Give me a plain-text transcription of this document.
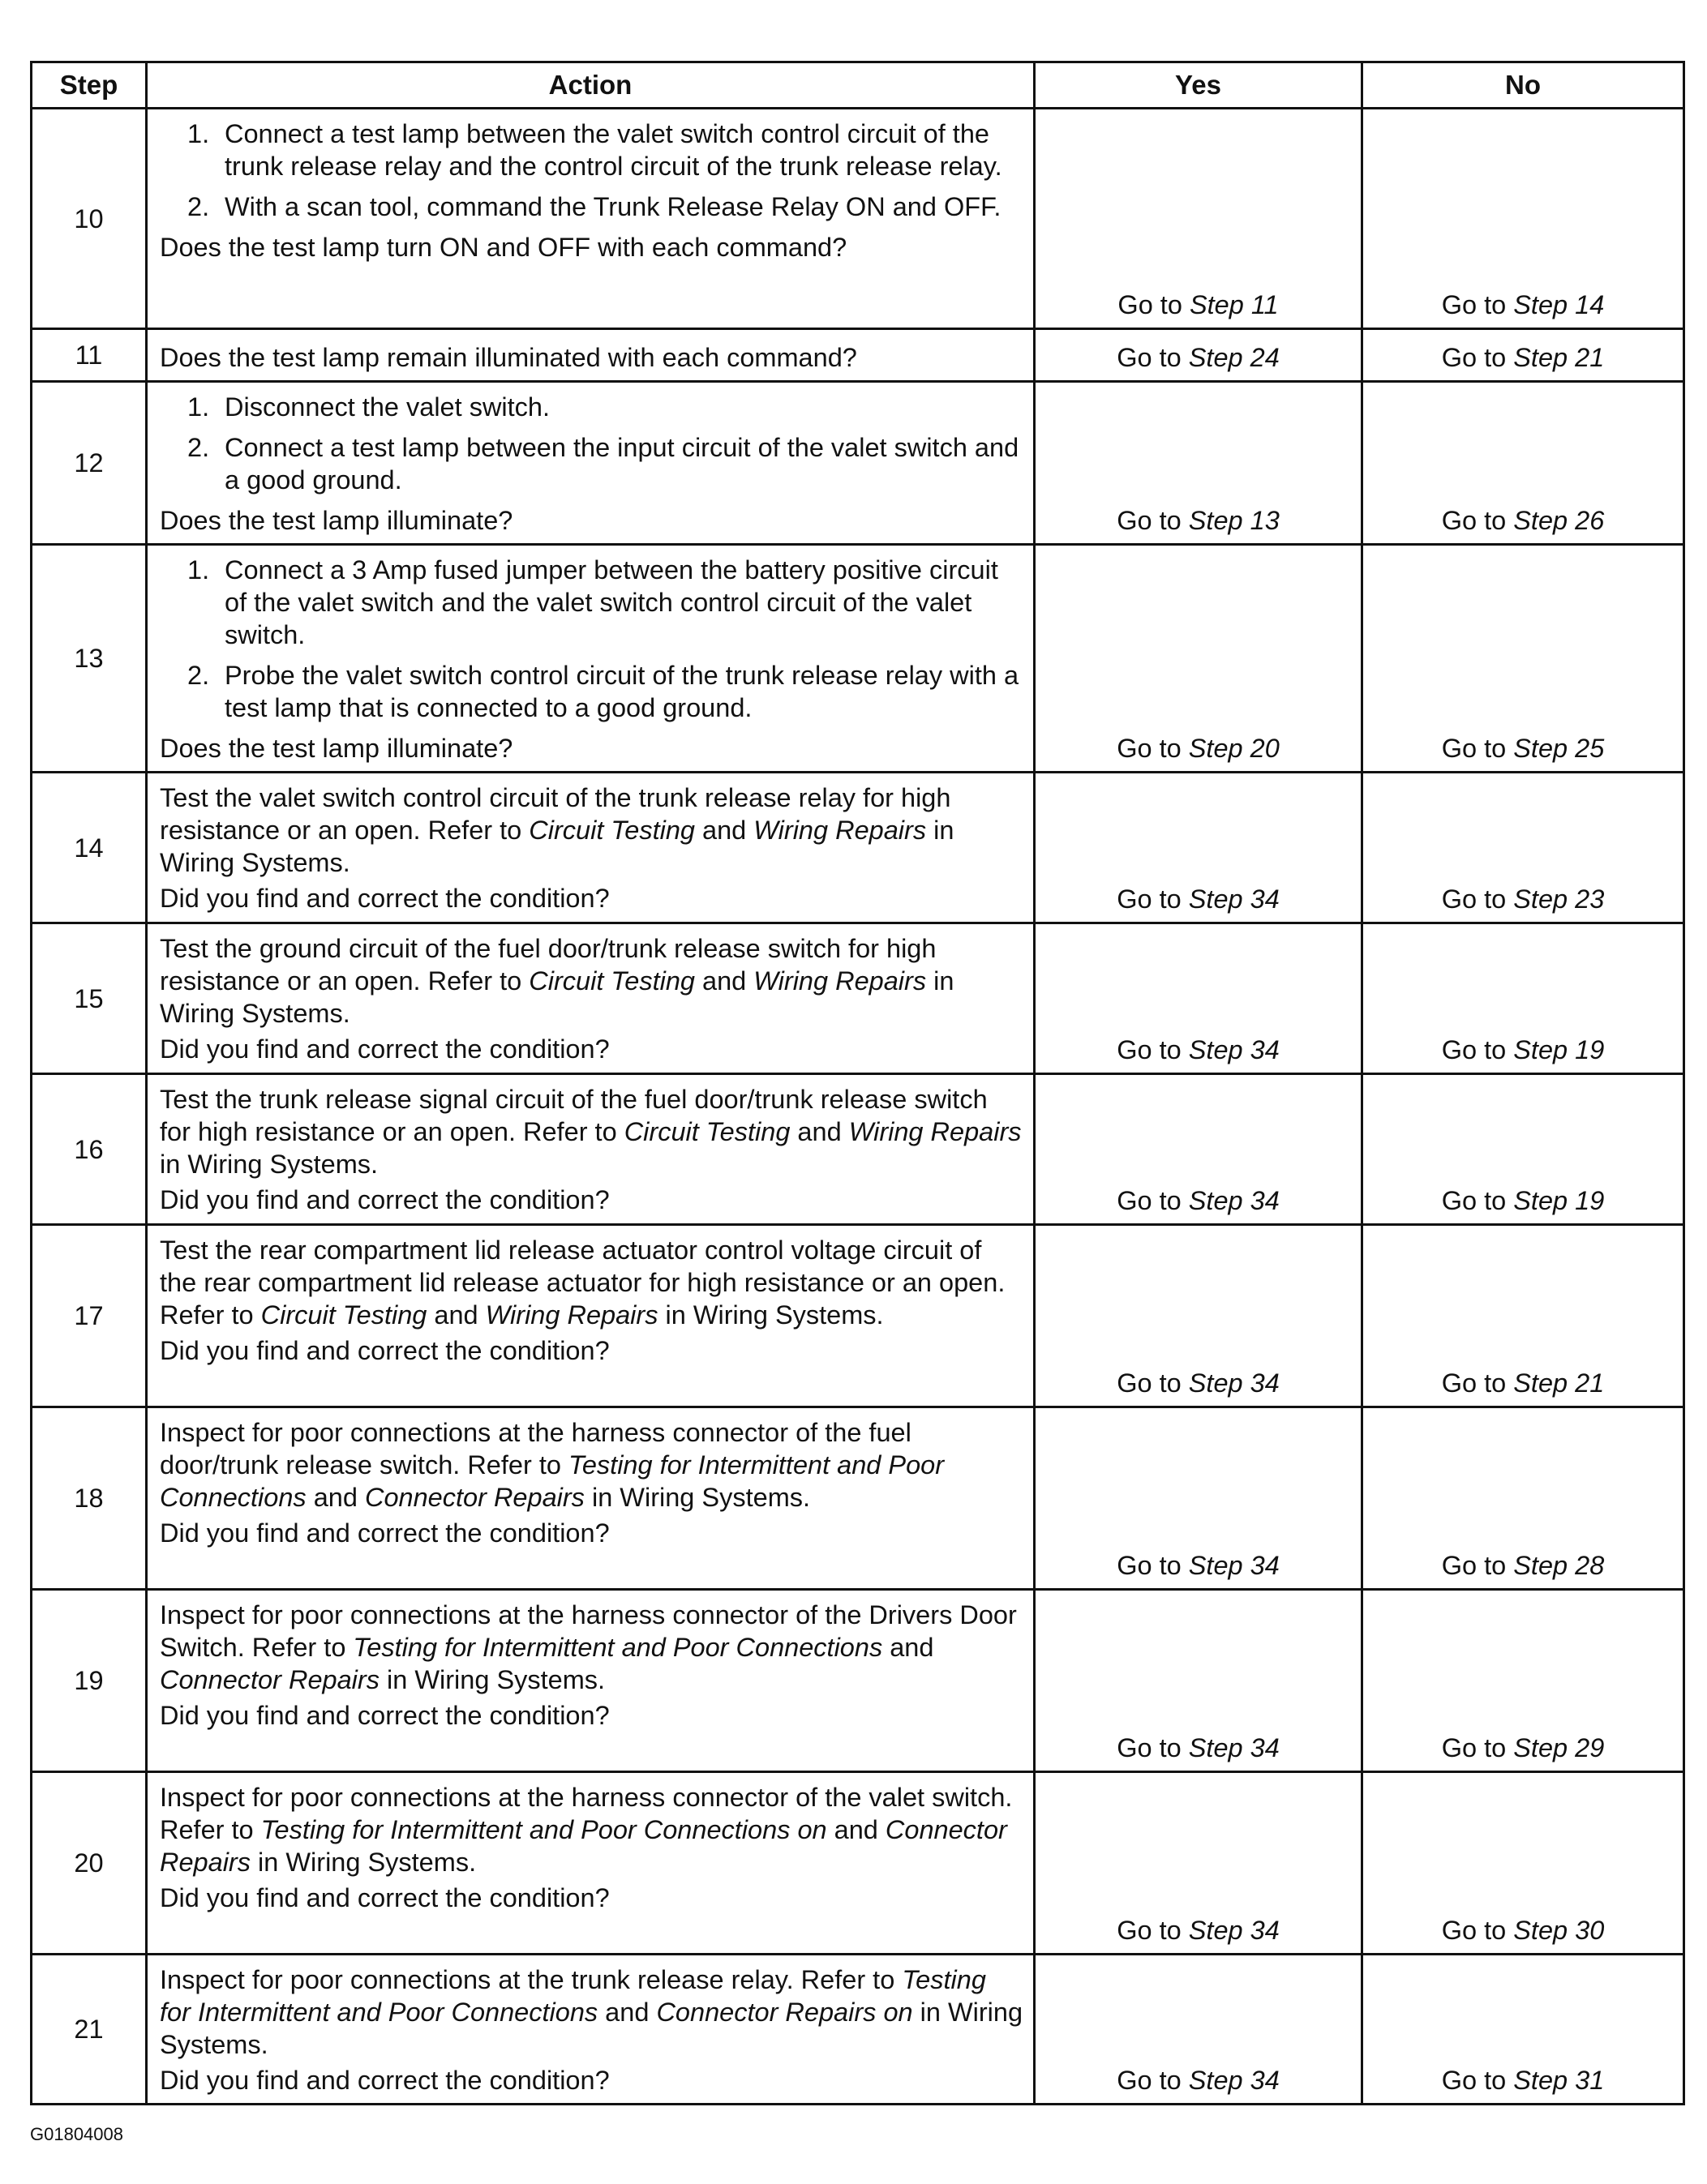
Step	Action	Yes	No
10	1. Connect a test lamp between the valet switch control circuit of the trunk release relay and the control circuit of the trunk release relay.
2. With a scan tool, command the Trunk Release Relay ON and OFF.
Does the test lamp turn ON and OFF with each command?	Go to Step 11	Go to Step 14
11	Does the test lamp remain illuminated with each command?	Go to Step 24	Go to Step 21
12	1. Disconnect the valet switch.
2. Connect a test lamp between the input circuit of the valet switch and a good ground.
Does the test lamp illuminate?	Go to Step 13	Go to Step 26
13	1. Connect a 3 Amp fused jumper between the battery positive circuit of the valet switch and the valet switch control circuit of the valet switch.
2. Probe the valet switch control circuit of the trunk release relay with a test lamp that is connected to a good ground.
Does the test lamp illuminate?	Go to Step 20	Go to Step 25
14	Test the valet switch control circuit of the trunk release relay for high resistance or an open. Refer to Circuit Testing and Wiring Repairs in Wiring Systems.
Did you find and correct the condition?	Go to Step 34	Go to Step 23
15	Test the ground circuit of the fuel door/trunk release switch for high resistance or an open. Refer to Circuit Testing and Wiring Repairs in Wiring Systems.
Did you find and correct the condition?	Go to Step 34	Go to Step 19
16	Test the trunk release signal circuit of the fuel door/trunk release switch for high resistance or an open. Refer to Circuit Testing and Wiring Repairs in Wiring Systems.
Did you find and correct the condition?	Go to Step 34	Go to Step 19
17	Test the rear compartment lid release actuator control voltage circuit of the rear compartment lid release actuator for high resistance or an open. Refer to Circuit Testing and Wiring Repairs in Wiring Systems.
Did you find and correct the condition?	Go to Step 34	Go to Step 21
18	Inspect for poor connections at the harness connector of the fuel door/trunk release switch. Refer to Testing for Intermittent and Poor Connections and Connector Repairs in Wiring Systems.
Did you find and correct the condition?	Go to Step 34	Go to Step 28
19	Inspect for poor connections at the harness connector of the Drivers Door Switch. Refer to Testing for Intermittent and Poor Connections and Connector Repairs in Wiring Systems.
Did you find and correct the condition?	Go to Step 34	Go to Step 29
20	Inspect for poor connections at the harness connector of the valet switch. Refer to Testing for Intermittent and Poor Connections on and Connector Repairs in Wiring Systems.
Did you find and correct the condition?	Go to Step 34	Go to Step 30
21	Inspect for poor connections at the trunk release relay. Refer to Testing for Intermittent and Poor Connections and Connector Repairs on in Wiring Systems.
Did you find and correct the condition?	Go to Step 34	Go to Step 31
G01804008
